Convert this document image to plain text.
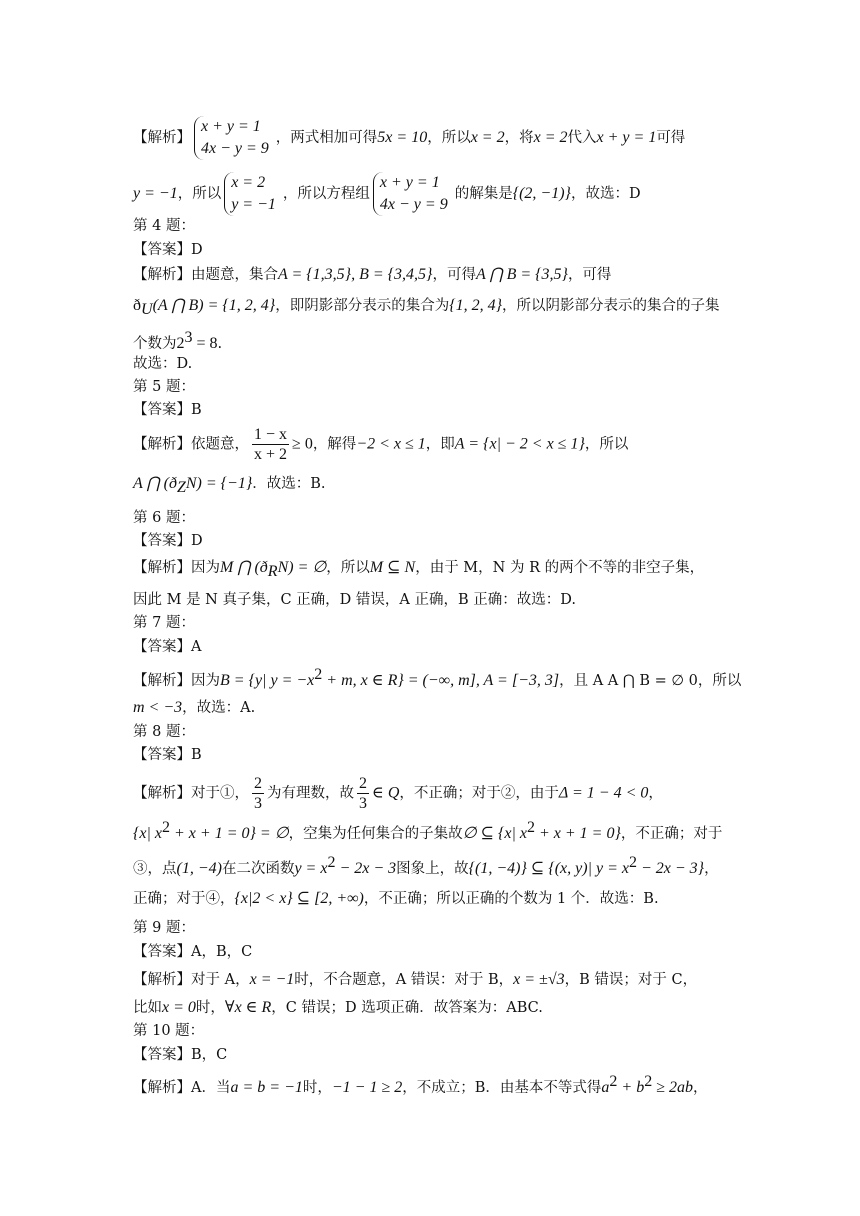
【解析】
x + y = 1
4x − y = 9
，两式相加可得5x = 10，所以x = 2，将x = 2代入x + y = 1可得
y = −1，所以
x = 2
y = −1
，所以方程组
x + y = 1
4x − y = 9
的解集是{(2, −1)}，故选：D
第 4 题：
【答案】D
【解析】由题意，集合A = {1,3,5}, B = {3,4,5}，可得A ⋂ B = {3,5}，可得
$ð_U(A$ ⋂ B) = {1, 2, 4}，即阴影部分表示的集合为{1, 2, 4}，所以阴影部分表示的集合的子集
个数为$2^3 = 8$.
故选：D.
第 5 题：
【答案】B
【解析】依题意， $\frac{1 - x}{x + 2} \ge 0$，解得−2 < x ≤ 1，即A = {x| − 2 < x ≤ 1}，所以
A ⋂ $(ð_ZN) = \{-1\}$．故选：B.
第 6 题：
【答案】D
【解析】因为M ⋂ $(ð_RN)$ = ∅，所以M ⊆ N，由于 M，N 为 R 的两个不等的非空子集，
因此 M 是 N 真子集，C 正确，D 错误，A 正确，B 正确：故选：D.
第 7 题：
【答案】A
【解析】因为B = {y| $y = -x^2 + m$, x ∈ R} = (−∞, m], A = [−3, 3]，且 A A ⋂ B = ∅ 0，所以
m < −3，故选：A.
第 8 题：
【答案】B
【解析】对于①， $\frac{2}{3}$ 为有理数，故 $\frac{2}{3}$ ∈ Q，不正确；对于②，由于Δ = 1 − 4 < 0，
{x| $x^2 + x + 1 = 0$} = ∅，空集为任何集合的子集故∅ ⊆ {x| $x^2 + x + 1 = 0$}，不正确；对于
③，点(1, −4)在二次函数$y = x^2 - 2x - 3$图象上，故{(1, −4)} ⊆ {(x, y)| $y = x^2 - 2x - 3$}，
正确；对于④，{x|2 < x} ⊆ [2, +∞)，不正确；所以正确的个数为 1 个．故选：B.
第 9 题：
【答案】A，B，C
【解析】对于 A，x = −1时，不合题意，A 错误：对于 B，x = ±√3，B 错误；对于 C，
比如x = 0时，∀x ∈ R，C 错误；D 选项正确．故答案为：ABC.
第 10 题：
【答案】B，C
【解析】A．当a = b = −1时，−1 − 1 ≥ 2，不成立；B．由基本不等式得$a^2 + b^2 \ge 2ab$，
